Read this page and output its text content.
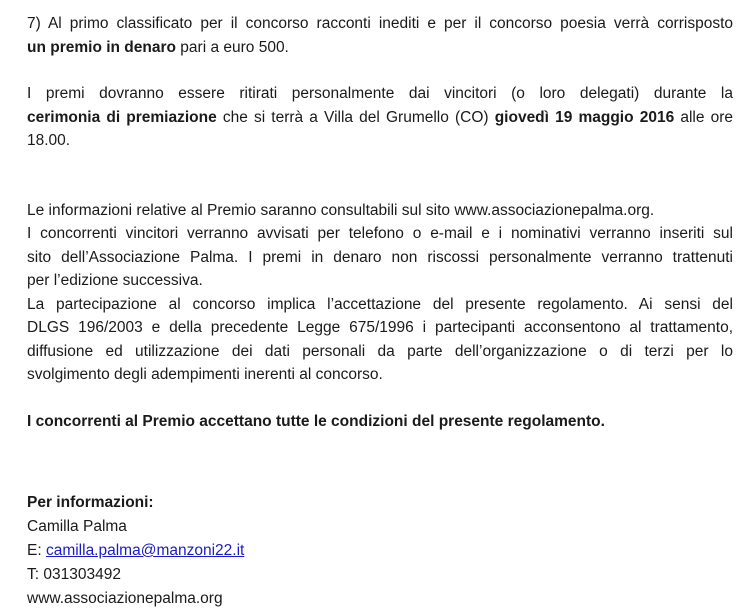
7) Al primo classificato per il concorso racconti inediti e per il concorso poesia verrà corrisposto
un premio in denaro pari a euro 500.

I premi dovranno essere ritirati personalmente dai vincitori (o loro delegati) durante la
cerimonia di premiazione che si terrà a Villa del Grumello (CO) giovedì 19 maggio 2016 alle ore
18.00.

Le informazioni relative al Premio saranno consultabili sul sito www.associazionepalma.org.
I concorrenti vincitori verranno avvisati per telefono o e-mail e i nominativi verranno inseriti sul
sito dell’Associazione Palma. I premi in denaro non riscossi personalmente verranno trattenuti
per l’edizione successiva.
La partecipazione al concorso implica l’accettazione del presente regolamento. Ai sensi del
DLGS 196/2003 e della precedente Legge 675/1996 i partecipanti acconsentono al trattamento,
diffusione ed utilizzazione dei dati personali da parte dell’organizzazione o di terzi per lo
svolgimento degli adempimenti inerenti al concorso.

I concorrenti al Premio accettano tutte le condizioni del presente regolamento.

Per informazioni:
Camilla Palma
E: camilla.palma@manzoni22.it
T: 031303492
www.associazionepalma.org
